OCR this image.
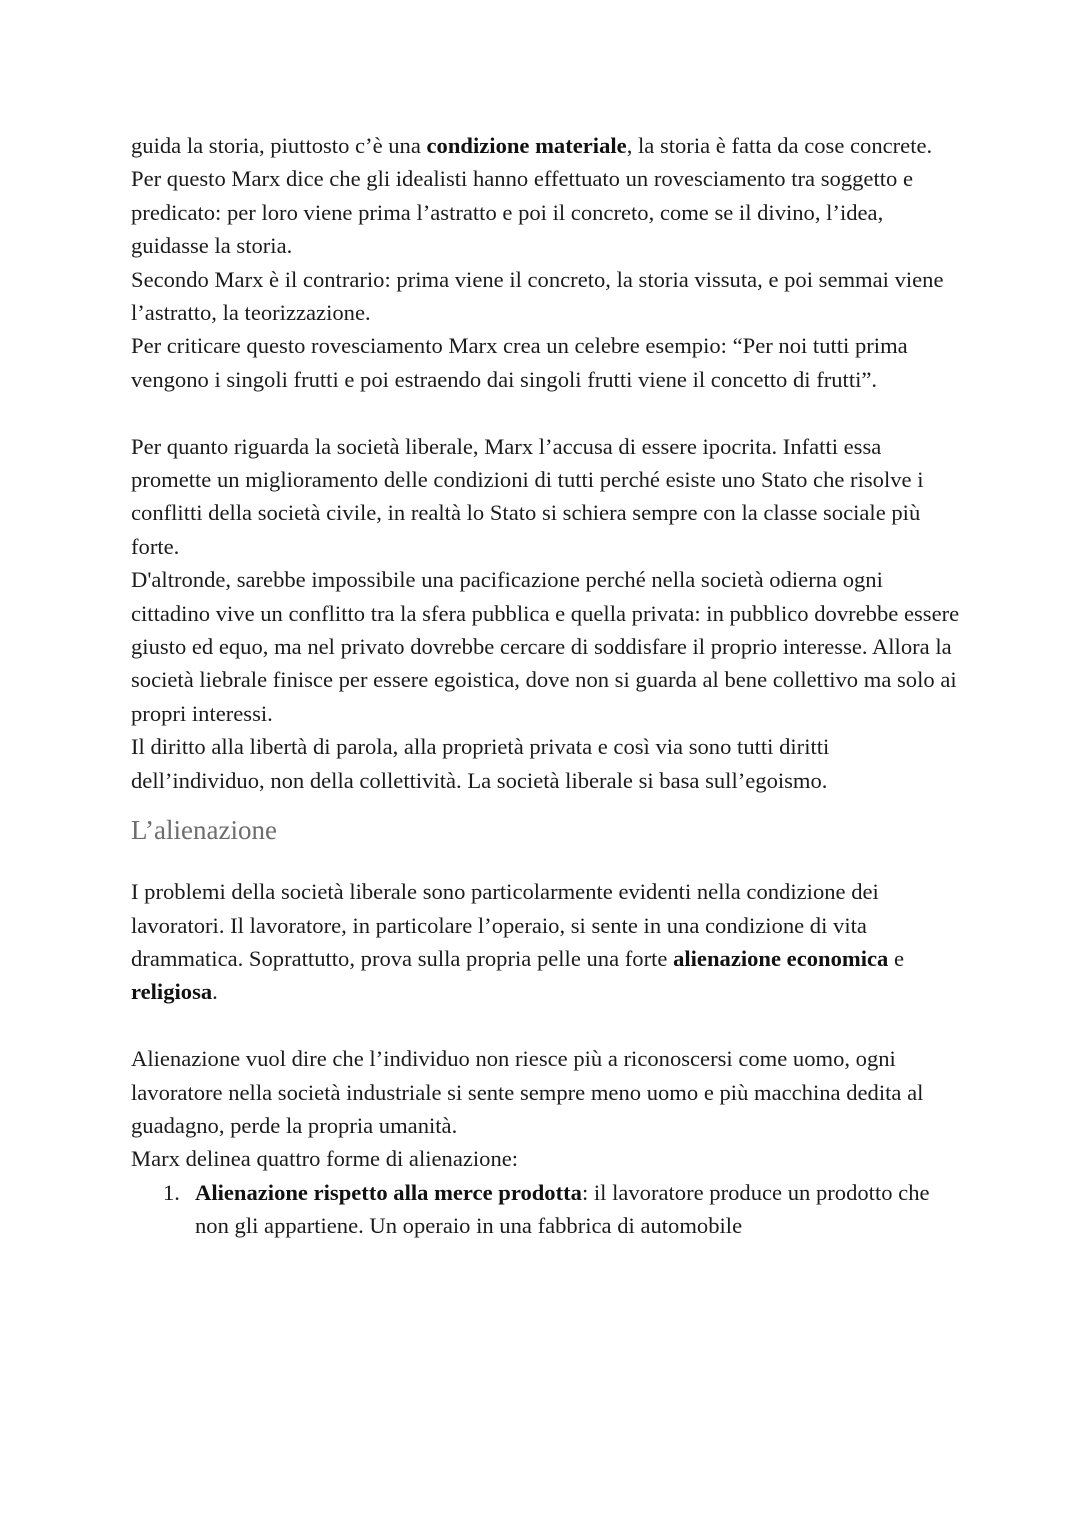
guida la storia, piuttosto c’è una condizione materiale, la storia è fatta da cose concrete.

Per questo Marx dice che gli idealisti hanno effettuato un rovesciamento tra soggetto e predicato: per loro viene prima l’astratto e poi il concreto, come se il divino, l’idea, guidasse la storia.

Secondo Marx è il contrario: prima viene il concreto, la storia vissuta, e poi semmai viene l’astratto, la teorizzazione.

Per criticare questo rovesciamento Marx crea un celebre esempio: “Per noi tutti prima vengono i singoli frutti e poi estraendo dai singoli frutti viene il concetto di frutti”.

Per quanto riguarda la società liberale, Marx l’accusa di essere ipocrita. Infatti essa promette un miglioramento delle condizioni di tutti perché esiste uno Stato che risolve i conflitti della società civile, in realtà lo Stato si schiera sempre con la classe sociale più forte.

D'altronde, sarebbe impossibile una pacificazione perché nella società odierna ogni cittadino vive un conflitto tra la sfera pubblica e quella privata: in pubblico dovrebbe essere giusto ed equo, ma nel privato dovrebbe cercare di soddisfare il proprio interesse. Allora la società liebrale finisce per essere egoistica, dove non si guarda al bene collettivo ma solo ai propri interessi.

Il diritto alla libertà di parola, alla proprietà privata e così via sono tutti diritti dell’individuo, non della collettività. La società liberale si basa sull’egoismo.

L’alienazione

I problemi della società liberale sono particolarmente evidenti nella condizione dei lavoratori. Il lavoratore, in particolare l’operaio, si sente in una condizione di vita drammatica. Soprattutto, prova sulla propria pelle una forte alienazione economica e religiosa.

Alienazione vuol dire che l’individuo non riesce più a riconoscersi come uomo, ogni lavoratore nella società industriale si sente sempre meno uomo e più macchina dedita al guadagno, perde la propria umanità.

Marx delinea quattro forme di alienazione:

1. Alienazione rispetto alla merce prodotta: il lavoratore produce un prodotto che non gli appartiene. Un operaio in una fabbrica di automobile
